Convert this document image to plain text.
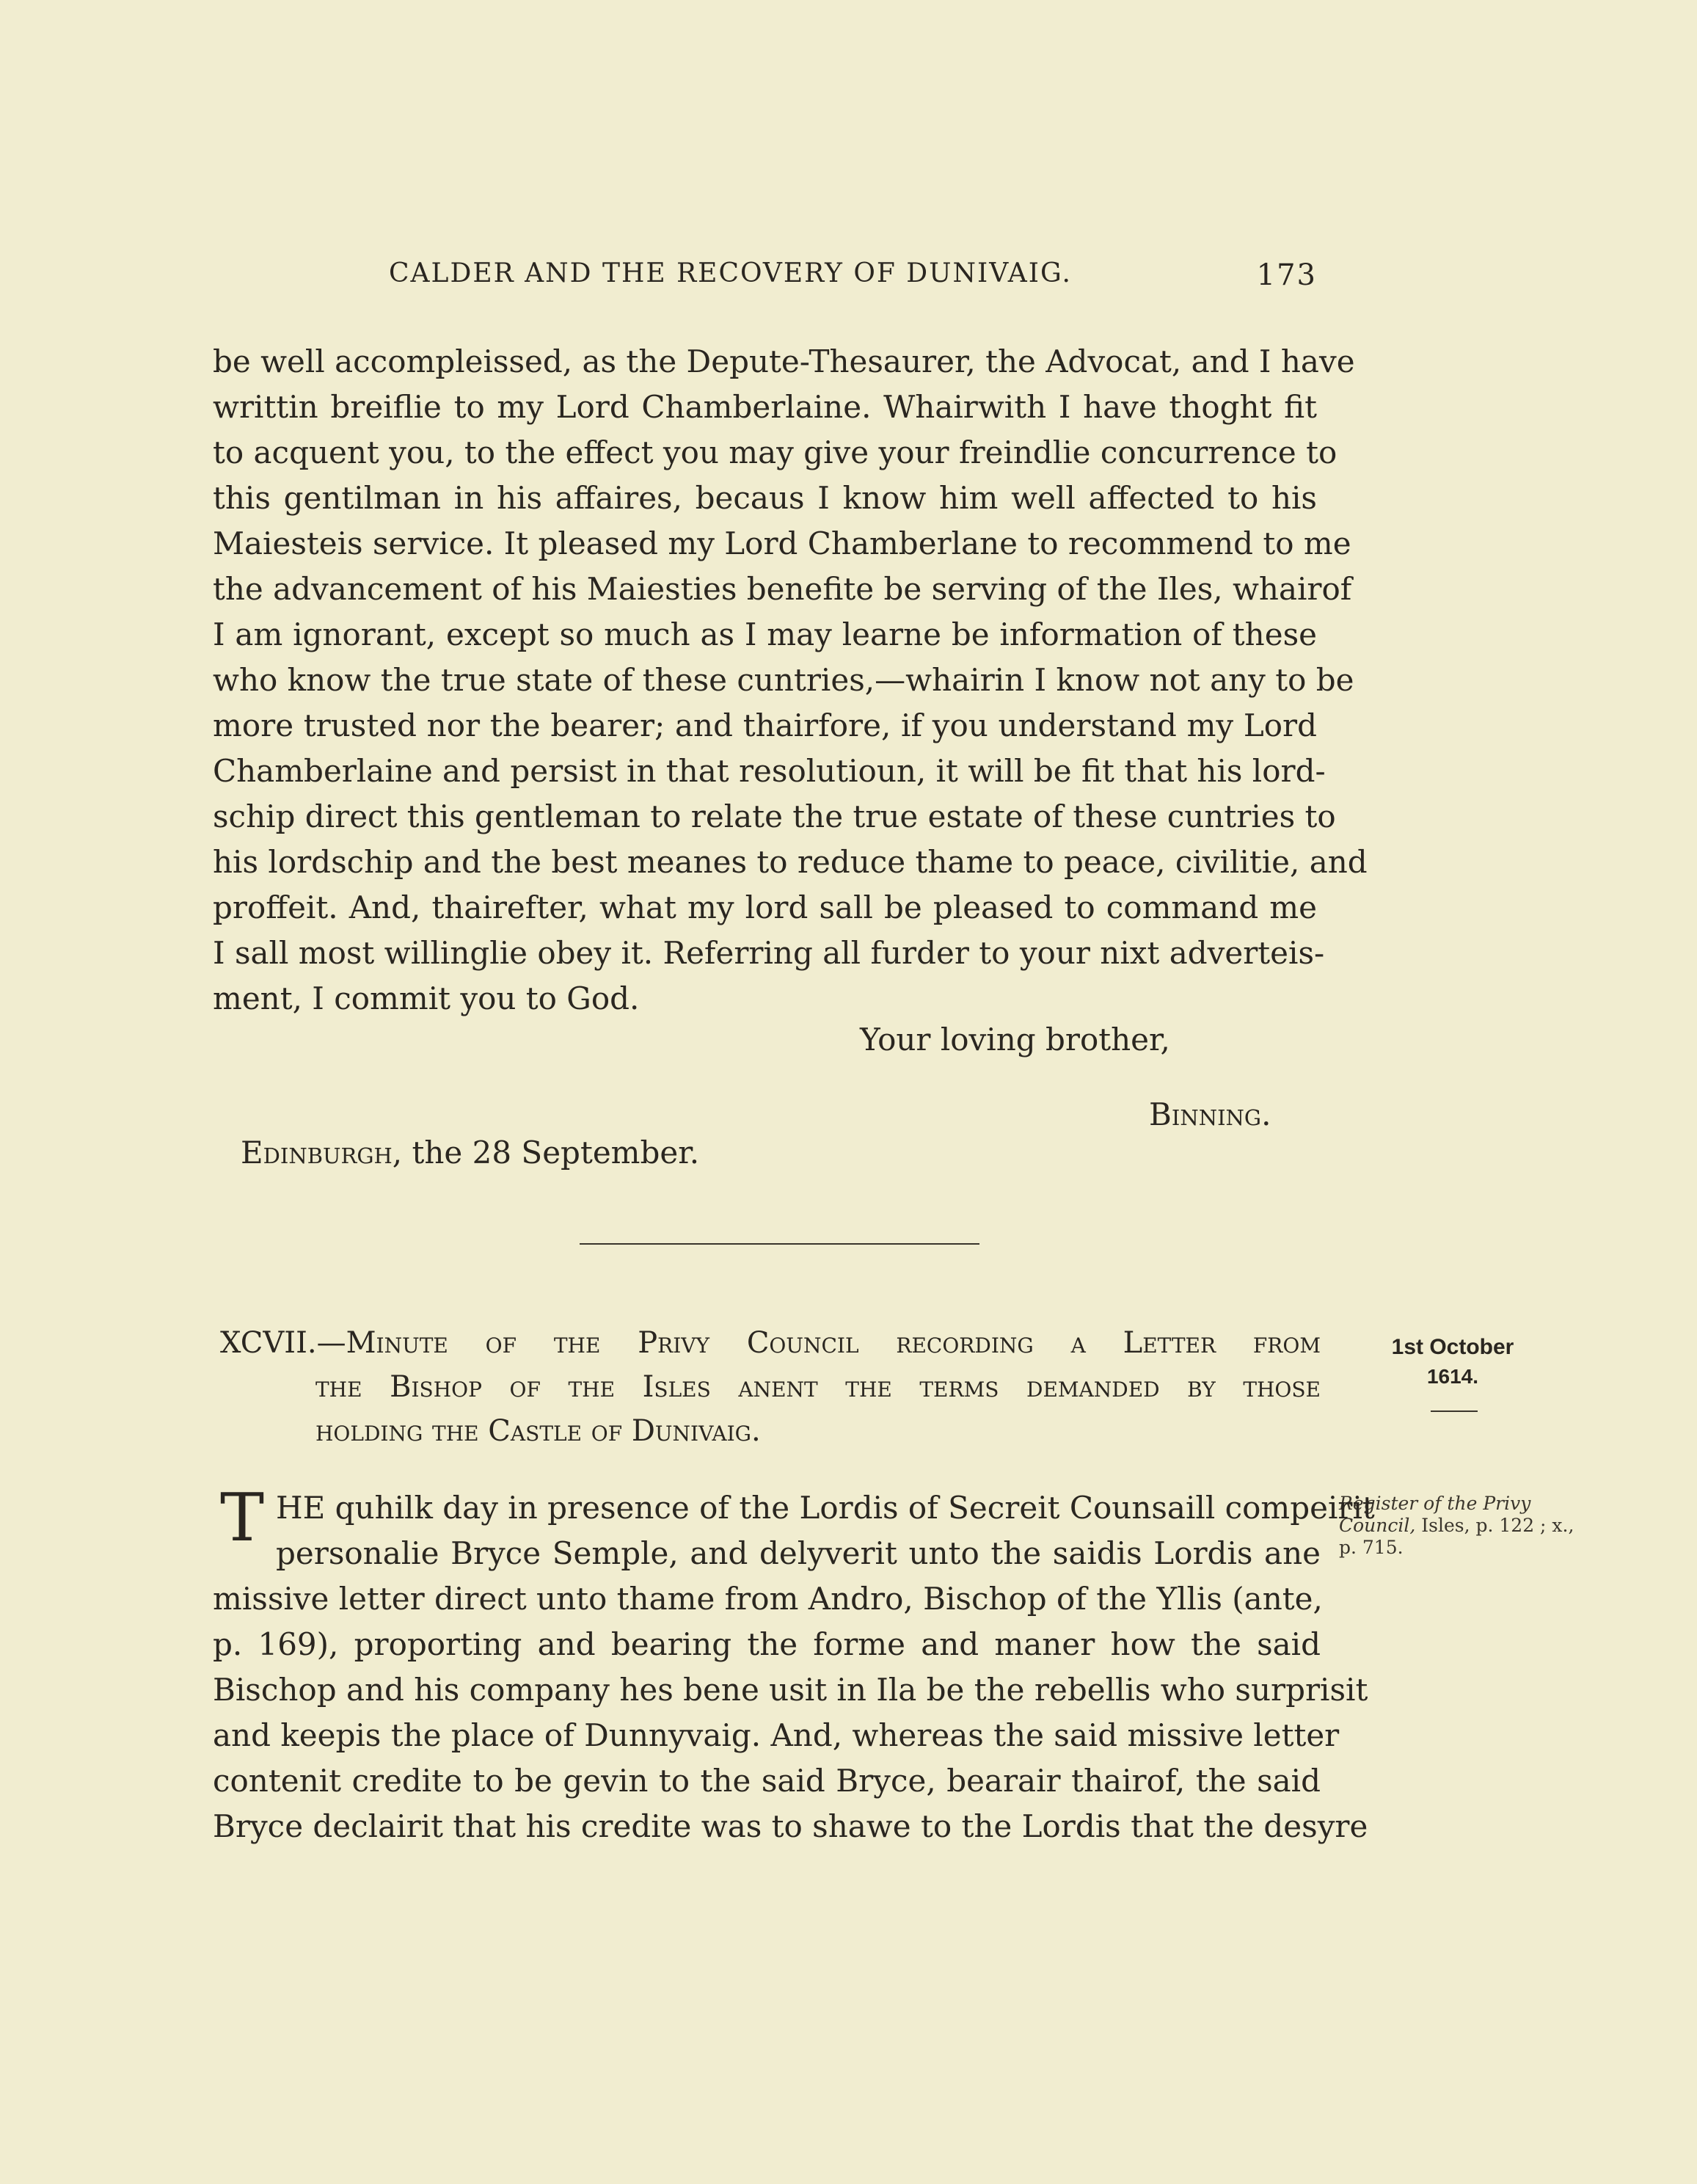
CALDER AND THE RECOVERY OF DUNIVAIG.	173
be well accompleissed, as the Depute-Thesaurer, the Advocat, and I have
writtin breiflie to my Lord Chamberlaine. Whairwith I have thoght fit
to acquent you, to the effect you may give your freindlie concurrence to
this gentilman in his affaires, becaus I know him well affected to his
Maiesteis service. It pleased my Lord Chamberlane to recommend to me
the advancement of his Maiesties benefite be serving of the Iles, whairof
I am ignorant, except so much as I may learne be information of these
who know the true state of these cuntries,—whairin I know not any to be
more trusted nor the bearer; and thairfore, if you understand my Lord
Chamberlaine and persist in that resolutioun, it will be fit that his lord-
schip direct this gentleman to relate the true estate of these cuntries to
his lordschip and the best meanes to reduce thame to peace, civilitie, and
proffeit. And, thairefter, what my lord sall be pleased to command me
I sall most willinglie obey it. Referring all furder to your nixt adverteis-
ment, I commit you to God.
Your loving brother,
Binning.
Edinburgh, the 28 September.
XCVII.—Minute of the Privy Council recording a Letter from
the Bishop of the Isles anent the terms demanded by those
holding the Castle of Dunivaig.
1st October
1614.
Register of the Privy Council, Isles, p. 122 ; x., p. 715.
T HE quhilk day in presence of the Lordis of Secreit Counsaill compeirit
personalie Bryce Semple, and delyverit unto the saidis Lordis ane
missive letter direct unto thame from Andro, Bischop of the Yllis (ante,
p. 169), proporting and bearing the forme and maner how the said
Bischop and his company hes bene usit in Ila be the rebellis who surprisit
and keepis the place of Dunnyvaig. And, whereas the said missive letter
contenit credite to be gevin to the said Bryce, bearair thairof, the said
Bryce declairit that his credite was to shawe to the Lordis that the desyre
